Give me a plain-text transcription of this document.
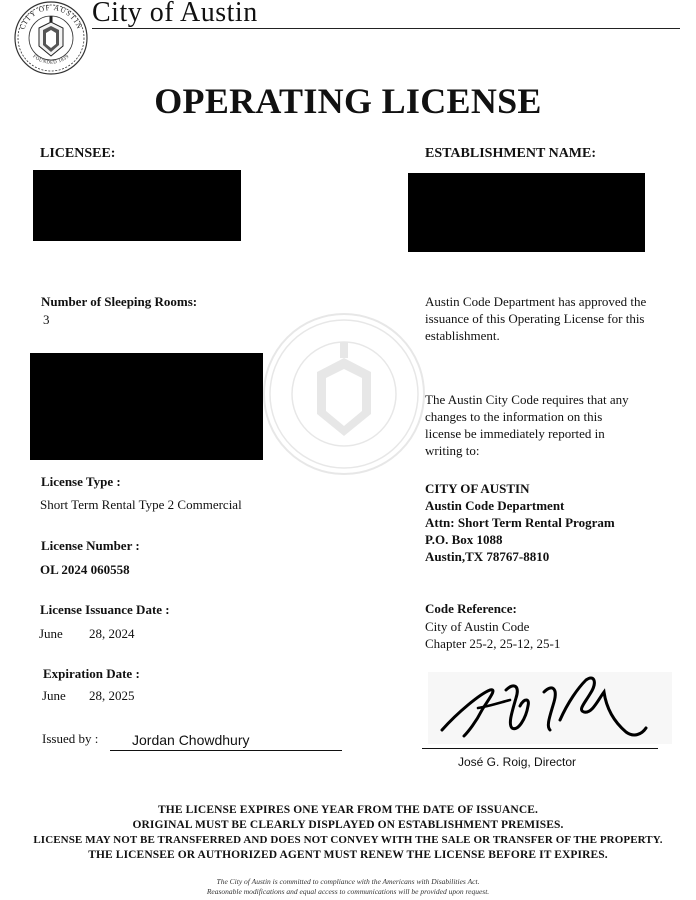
CITY OF AUSTIN
FOUNDED 1839
City of Austin
OPERATING LICENSE
LICENSEE:	ESTABLISHMENT NAME:
Number of Sleeping Rooms:
3
License Type :
Short Term Rental Type 2 Commercial
License Number :
OL 2024 060558
License Issuance Date :
June 28, 2024
Expiration Date :
June 28, 2025
Issued by : Jordan Chowdhury
Austin Code Department has approved the
issuance of this Operating License for this
establishment.
The Austin City Code requires that any
changes to the information on this
license be immediately reported in
writing to:
CITY OF AUSTIN
Austin Code Department
Attn: Short Term Rental Program
P.O. Box 1088
Austin,TX 78767-8810
Code Reference:
City of Austin Code
Chapter 25-2, 25-12, 25-1
José G. Roig, Director
THE LICENSE EXPIRES ONE YEAR FROM THE DATE OF ISSUANCE.
ORIGINAL MUST BE CLEARLY DISPLAYED ON ESTABLISHMENT PREMISES.
LICENSE MAY NOT BE TRANSFERRED AND DOES NOT CONVEY WITH THE SALE OR TRANSFER OF THE PROPERTY.
THE LICENSEE OR AUTHORIZED AGENT MUST RENEW THE LICENSE BEFORE IT EXPIRES.
The City of Austin is committed to compliance with the Americans with Disabilities Act.
Reasonable modifications and equal access to communications will be provided upon request.
